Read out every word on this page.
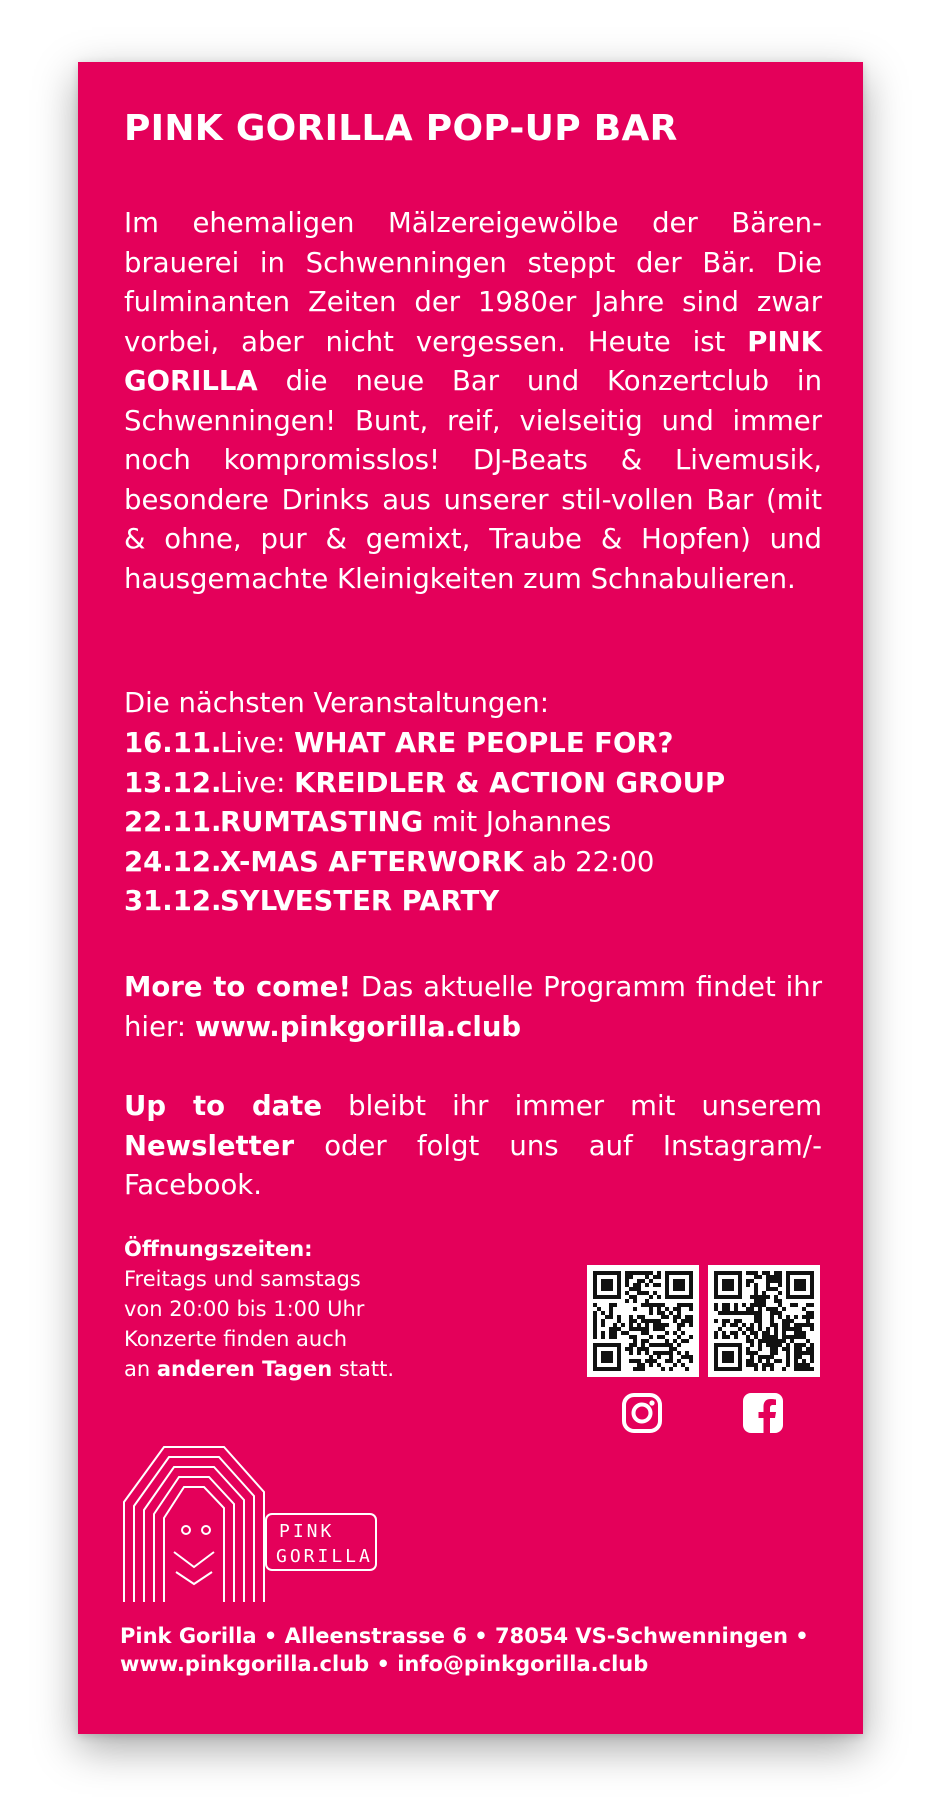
PINK GORILLA POP-UP BAR

Im ehemaligen Mälzereigewölbe der Bären-brauerei in Schwenningen steppt der Bär. Die fulminanten Zeiten der 1980er Jahre sind zwar vorbei, aber nicht vergessen. Heute ist PINK GORILLA die neue Bar und Konzertclub in Schwenningen! Bunt, reif, vielseitig und immer noch kompromisslos! DJ-Beats & Livemusik, besondere Drinks aus unserer stil-vollen Bar (mit & ohne, pur & gemixt, Traube & Hopfen) und hausgemachte Kleinigkeiten zum Schnabulieren.

Die nächsten Veranstaltungen:

16.11.Live: WHAT ARE PEOPLE FOR?
13.12.Live: KREIDLER & ACTION GROUP
22.11.RUMTASTING mit Johannes
24.12.X-MAS AFTERWORK ab 22:00
31.12.SYLVESTER PARTY

More to come! Das aktuelle Programm findet ihr hier: www.pinkgorilla.club

Up to date bleibt ihr immer mit unserem Newsletter oder folgt uns auf Instagram/-Facebook.

Öffnungszeiten:
Freitags und samstags
von 20:00 bis 1:00 Uhr
Konzerte finden auch
an anderen Tagen statt.
PINK
GORILLA
Pink Gorilla • Alleenstrasse 6 • 78054 VS-Schwenningen •
www.pinkgorilla.club • info@pinkgorilla.club
